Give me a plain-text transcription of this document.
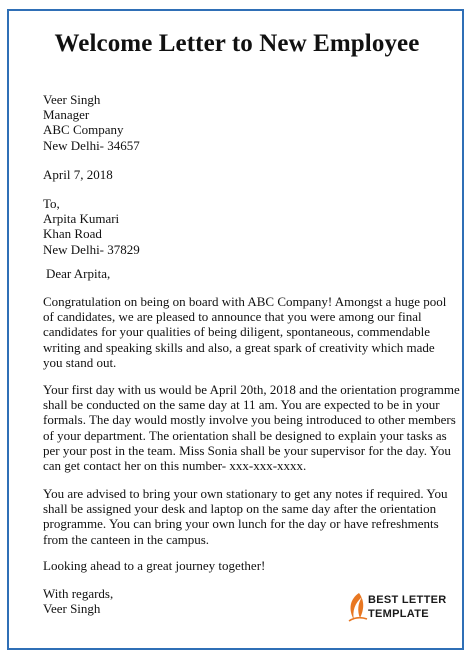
Welcome Letter to New Employee
Veer Singh
Manager
ABC Company
New Delhi- 34657
April 7, 2018
To,
Arpita Kumari
Khan Road
New Delhi- 37829
Dear Arpita,
Congratulation on being on board with ABC Company! Amongst a huge pool
of candidates, we are pleased to announce that you were among our final
candidates for your qualities of being diligent, spontaneous, commendable
writing and speaking skills and also, a great spark of creativity which made
you stand out.
Your first day with us would be April 20th, 2018 and the orientation programme
shall be conducted on the same day at 11 am. You are expected to be in your
formals. The day would mostly involve you being introduced to other members
of your department. The orientation shall be designed to explain your tasks as
per your post in the team. Miss Sonia shall be your supervisor for the day. You
can get contact her on this number- xxx-xxx-xxxx.
You are advised to bring your own stationary to get any notes if required. You
shall be assigned your desk and laptop on the same day after the orientation
programme. You can bring your own lunch for the day or have refreshments
from the canteen in the campus.
Looking ahead to a great journey together!
With regards,
Veer Singh
BEST LETTER
TEMPLATE
